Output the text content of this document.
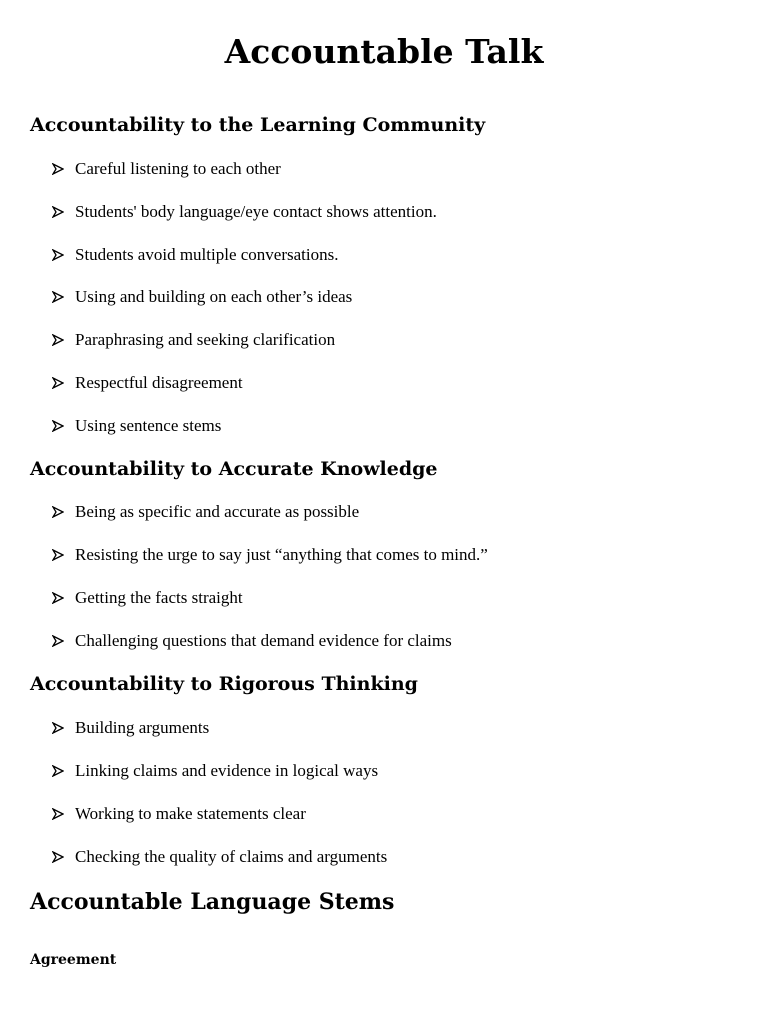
Accountable Talk
Accountability to the Learning Community
Careful listening to each other
Students' body language/eye contact shows attention.
Students avoid multiple conversations.
Using and building on each other’s ideas
Paraphrasing and seeking clarification
Respectful disagreement
Using sentence stems
Accountability to Accurate Knowledge
Being as specific and accurate as possible
Resisting the urge to say just “anything that comes to mind.”
Getting the facts straight
Challenging questions that demand evidence for claims
Accountability to Rigorous Thinking
Building arguments
Linking claims and evidence in logical ways
Working to make statements clear
Checking the quality of claims and arguments
Accountable Language Stems
Agreement
